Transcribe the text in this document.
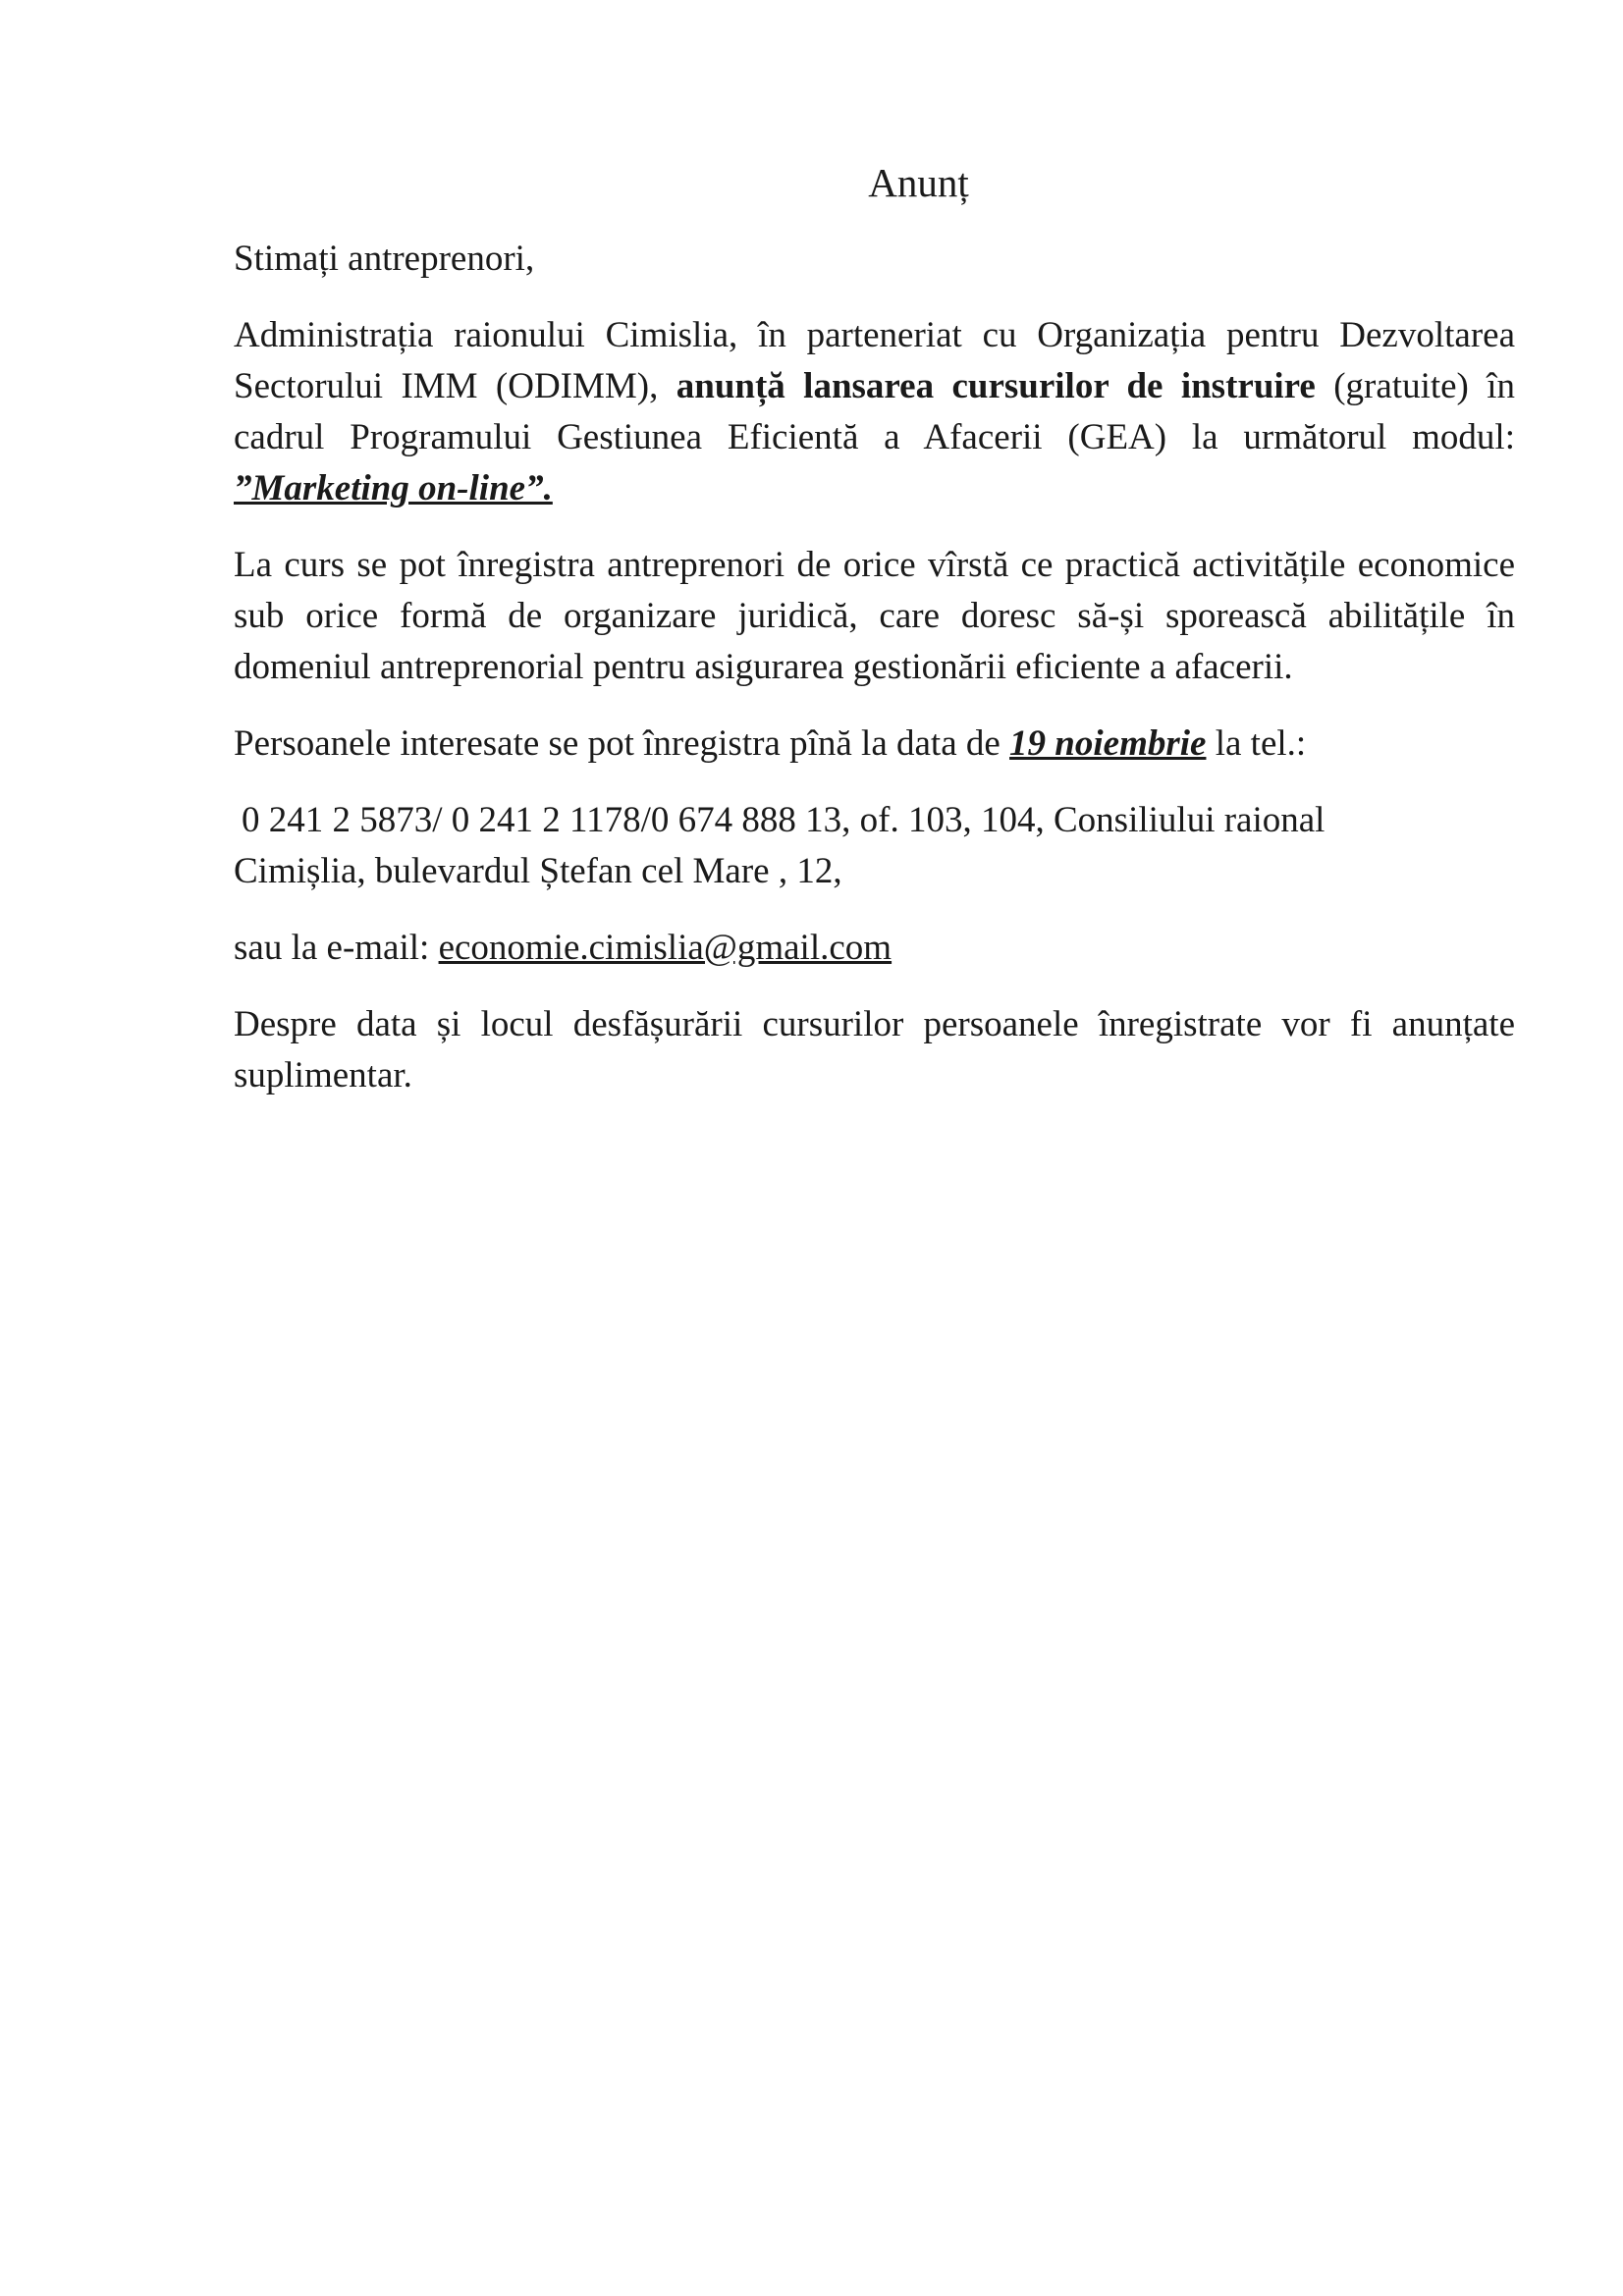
Anunț

Stimați antreprenori,

Administrația raionului Cimislia, în parteneriat cu Organizația pentru Dezvoltarea Sectorului IMM (ODIMM), anunță lansarea cursurilor de instruire (gratuite) în cadrul Programului Gestiunea Eficientă a Afacerii (GEA) la următorul modul: ”Marketing on-line”.

La curs se pot înregistra antreprenori de orice vîrstă ce practică activitățile economice sub orice formă de organizare juridică, care doresc să-și sporească abilitățile în domeniul antreprenorial pentru asigurarea gestionării eficiente a afacerii.

Persoanele interesate se pot înregistra pînă la data de 19 noiembrie la tel.:

0 241 2 5873/ 0 241 2 1178/0 674 888 13, of. 103, 104, Consiliului raional
Cimișlia, bulevardul Ștefan cel Mare , 12,

sau la e-mail: economie.cimislia@gmail.com

Despre data și locul desfășurării cursurilor persoanele înregistrate vor fi anunțate suplimentar.
